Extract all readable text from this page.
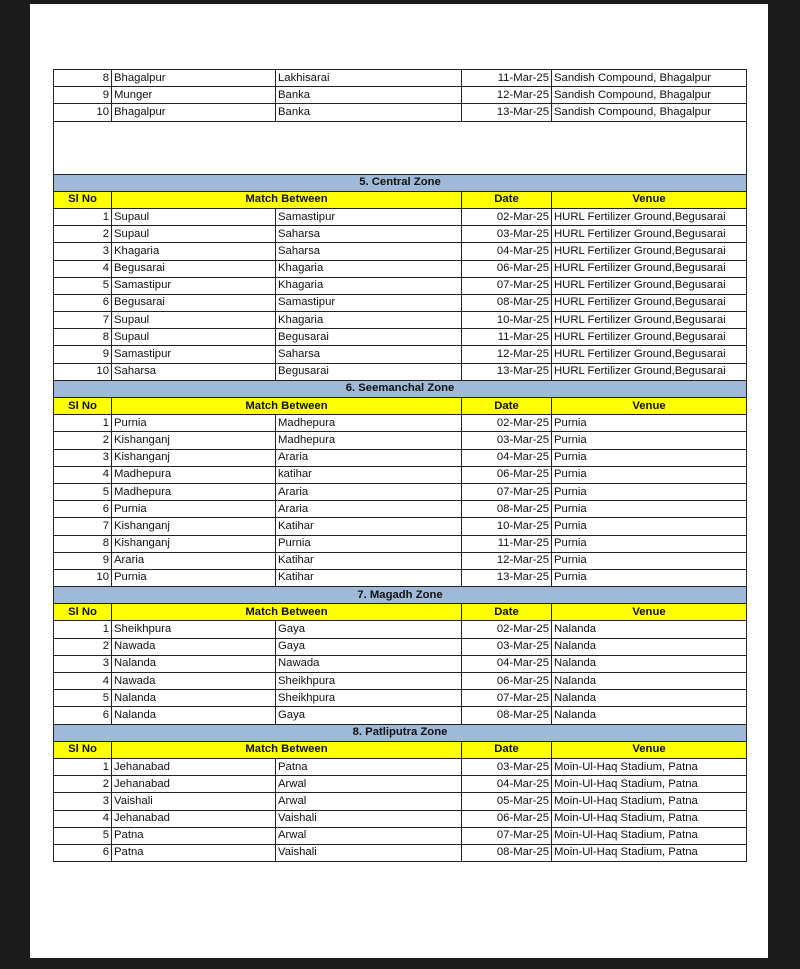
8	Bhagalpur	Lakhisarai	11-Mar-25	Sandish Compound, Bhagalpur
9	Munger	Banka	12-Mar-25	Sandish Compound, Bhagalpur
10	Bhagalpur	Banka	13-Mar-25	Sandish Compound, Bhagalpur

5. Central Zone				
Sl No	Match Between		Date	Venue
1	Supaul	Samastipur	02-Mar-25	HURL Fertilizer Ground,Begusarai
2	Supaul	Saharsa	03-Mar-25	HURL Fertilizer Ground,Begusarai
3	Khagaria	Saharsa	04-Mar-25	HURL Fertilizer Ground,Begusarai
4	Begusarai	Khagaria	06-Mar-25	HURL Fertilizer Ground,Begusarai
5	Samastipur	Khagaria	07-Mar-25	HURL Fertilizer Ground,Begusarai
6	Begusarai	Samastipur	08-Mar-25	HURL Fertilizer Ground,Begusarai
7	Supaul	Khagaria	10-Mar-25	HURL Fertilizer Ground,Begusarai
8	Supaul	Begusarai	11-Mar-25	HURL Fertilizer Ground,Begusarai
9	Samastipur	Saharsa	12-Mar-25	HURL Fertilizer Ground,Begusarai
10	Saharsa	Begusarai	13-Mar-25	HURL Fertilizer Ground,Begusarai
6. Seemanchal Zone				
Sl No	Match Between		Date	Venue
1	Purnia	Madhepura	02-Mar-25	Purnia
2	Kishanganj	Madhepura	03-Mar-25	Purnia
3	Kishanganj	Araria	04-Mar-25	Purnia
4	Madhepura	katihar	06-Mar-25	Purnia
5	Madhepura	Araria	07-Mar-25	Purnia
6	Purnia	Araria	08-Mar-25	Purnia
7	Kishanganj	Katihar	10-Mar-25	Purnia
8	Kishanganj	Purnia	11-Mar-25	Purnia
9	Araria	Katihar	12-Mar-25	Purnia
10	Purnia	Katihar	13-Mar-25	Purnia
7. Magadh Zone				
Sl No	Match Between		Date	Venue
1	Sheikhpura	Gaya	02-Mar-25	Nalanda
2	Nawada	Gaya	03-Mar-25	Nalanda
3	Nalanda	Nawada	04-Mar-25	Nalanda
4	Nawada	Sheikhpura	06-Mar-25	Nalanda
5	Nalanda	Sheikhpura	07-Mar-25	Nalanda
6	Nalanda	Gaya	08-Mar-25	Nalanda
8. Patliputra Zone				
Sl No	Match Between		Date	Venue
1	Jehanabad	Patna	03-Mar-25	Moin-Ul-Haq Stadium, Patna
2	Jehanabad	Arwal	04-Mar-25	Moin-Ul-Haq Stadium, Patna
3	Vaishali	Arwal	05-Mar-25	Moin-Ul-Haq Stadium, Patna
4	Jehanabad	Vaishali	06-Mar-25	Moin-Ul-Haq Stadium, Patna
5	Patna	Arwal	07-Mar-25	Moin-Ul-Haq Stadium, Patna
6	Patna	Vaishali	08-Mar-25	Moin-Ul-Haq Stadium, Patna
